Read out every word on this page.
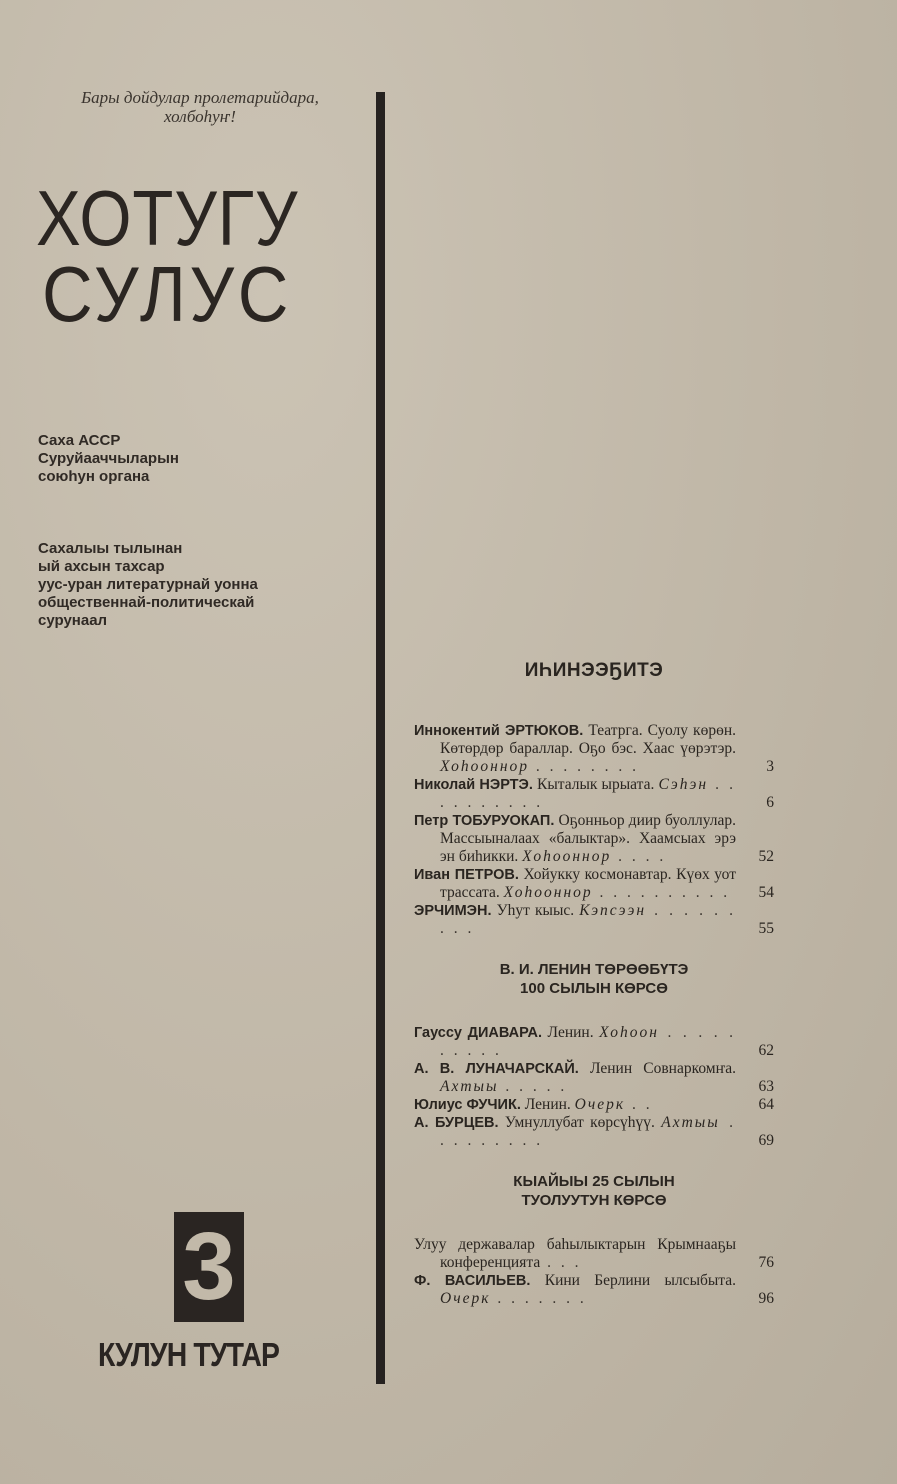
Бары дойдулар пролетарийдара,
холбоһуҥ!
ХОТУГУ
СУЛУС
Саха АССР
Суруйааччыларын
союһун органа
Сахалыы тылынан
ый ахсын тахсар
уус-уран литературнай уонна
общественнай-политическай
сурунаал
3
КУЛУН ТУТАР
ИҺИНЭЭҔИТЭ
Иннокентий ЭРТЮКОВ. Театрга. Суолу көрөн. Көтөрдөр бараллар. Оҕо бэс. Хаас үөрэтэр. Хоһооннор . . . . . . . .	3
Николай НЭРТЭ. Кыталык ырыата. Сэһэн . . . . . . . . . .	6
Петр ТОБУРУОКАП. Оҕонньор диир буоллулар. Массыыналаах «балыктар». Хаамсыах эрэ эн биһикки. Хоһооннор . . . .	52
Иван ПЕТРОВ. Хойукку космонавтар. Күөх уот трассата. Хоһооннор . . . . . . . . . . 54
ЭРЧИМЭН. Уһут кыыс. Кэпсээн . . . . . . . . .	55
В. И. ЛЕНИН ТӨРӨӨБҮТЭ
100 СЫЛЫН КӨРСӨ
Гауссу ДИАВАРА. Ленин. Хоһоон . . . . . . . . . .	62
А. В. ЛУНАЧАРСКАЙ. Ленин Совнаркомҥа. Ахтыы . . . . .	63
Юлиус ФУЧИК. Ленин. Очерк . .	64
А. БУРЦЕВ. Умнуллубат көрсүһүү. Ахтыы . . . . . . . . .	69
КЫАЙЫЫ 25 СЫЛЫН
ТУОЛУУТУН КӨРСӨ
Улуу державалар баһылыктарын Крымнааҕы конференцията . . .	76
Ф. ВАСИЛЬЕВ. Кини Берлини ылсыбыта. Очерк . . . . . . .	96
